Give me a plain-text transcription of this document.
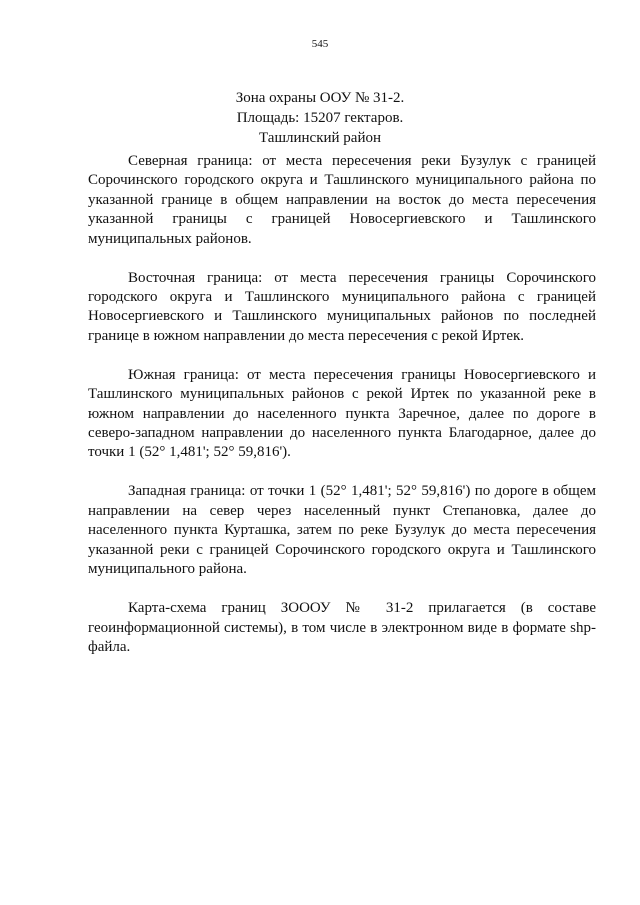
545
Зона охраны ООУ № 31-2.
Площадь: 15207 гектаров.
Ташлинский район

Северная граница: от места пересечения реки Бузулук с границей Сорочинского городского округа и Ташлинского муниципального района по указанной границе в общем направлении на восток до места пересечения указанной границы с границей Новосергиевского и Ташлинского муниципальных районов.

Восточная граница: от места пересечения границы Сорочинского городского округа и Ташлинского муниципального района с границей Новосергиевского и Ташлинского муниципальных районов по последней границе в южном направлении до места пересечения с рекой Иртек.

Южная граница: от места пересечения границы Новосергиевского и Ташлинского муниципальных районов с рекой Иртек по указанной реке в южном направлении до населенного пункта Заречное, далее по дороге в северо-западном направлении до населенного пункта Благодарное, далее до точки 1 (52° 1,481'; 52° 59,816').

Западная граница: от точки 1 (52° 1,481'; 52° 59,816') по дороге в общем направлении на север через населенный пункт Степановка, далее до населенного пункта Курташка, затем по реке Бузулук до места пересечения указанной реки с границей Сорочинского городского округа и Ташлинского муниципального района.

Карта-схема границ ЗОООУ № 31-2 прилагается (в составе геоинформационной системы), в том числе в электронном виде в формате shp-файла.
